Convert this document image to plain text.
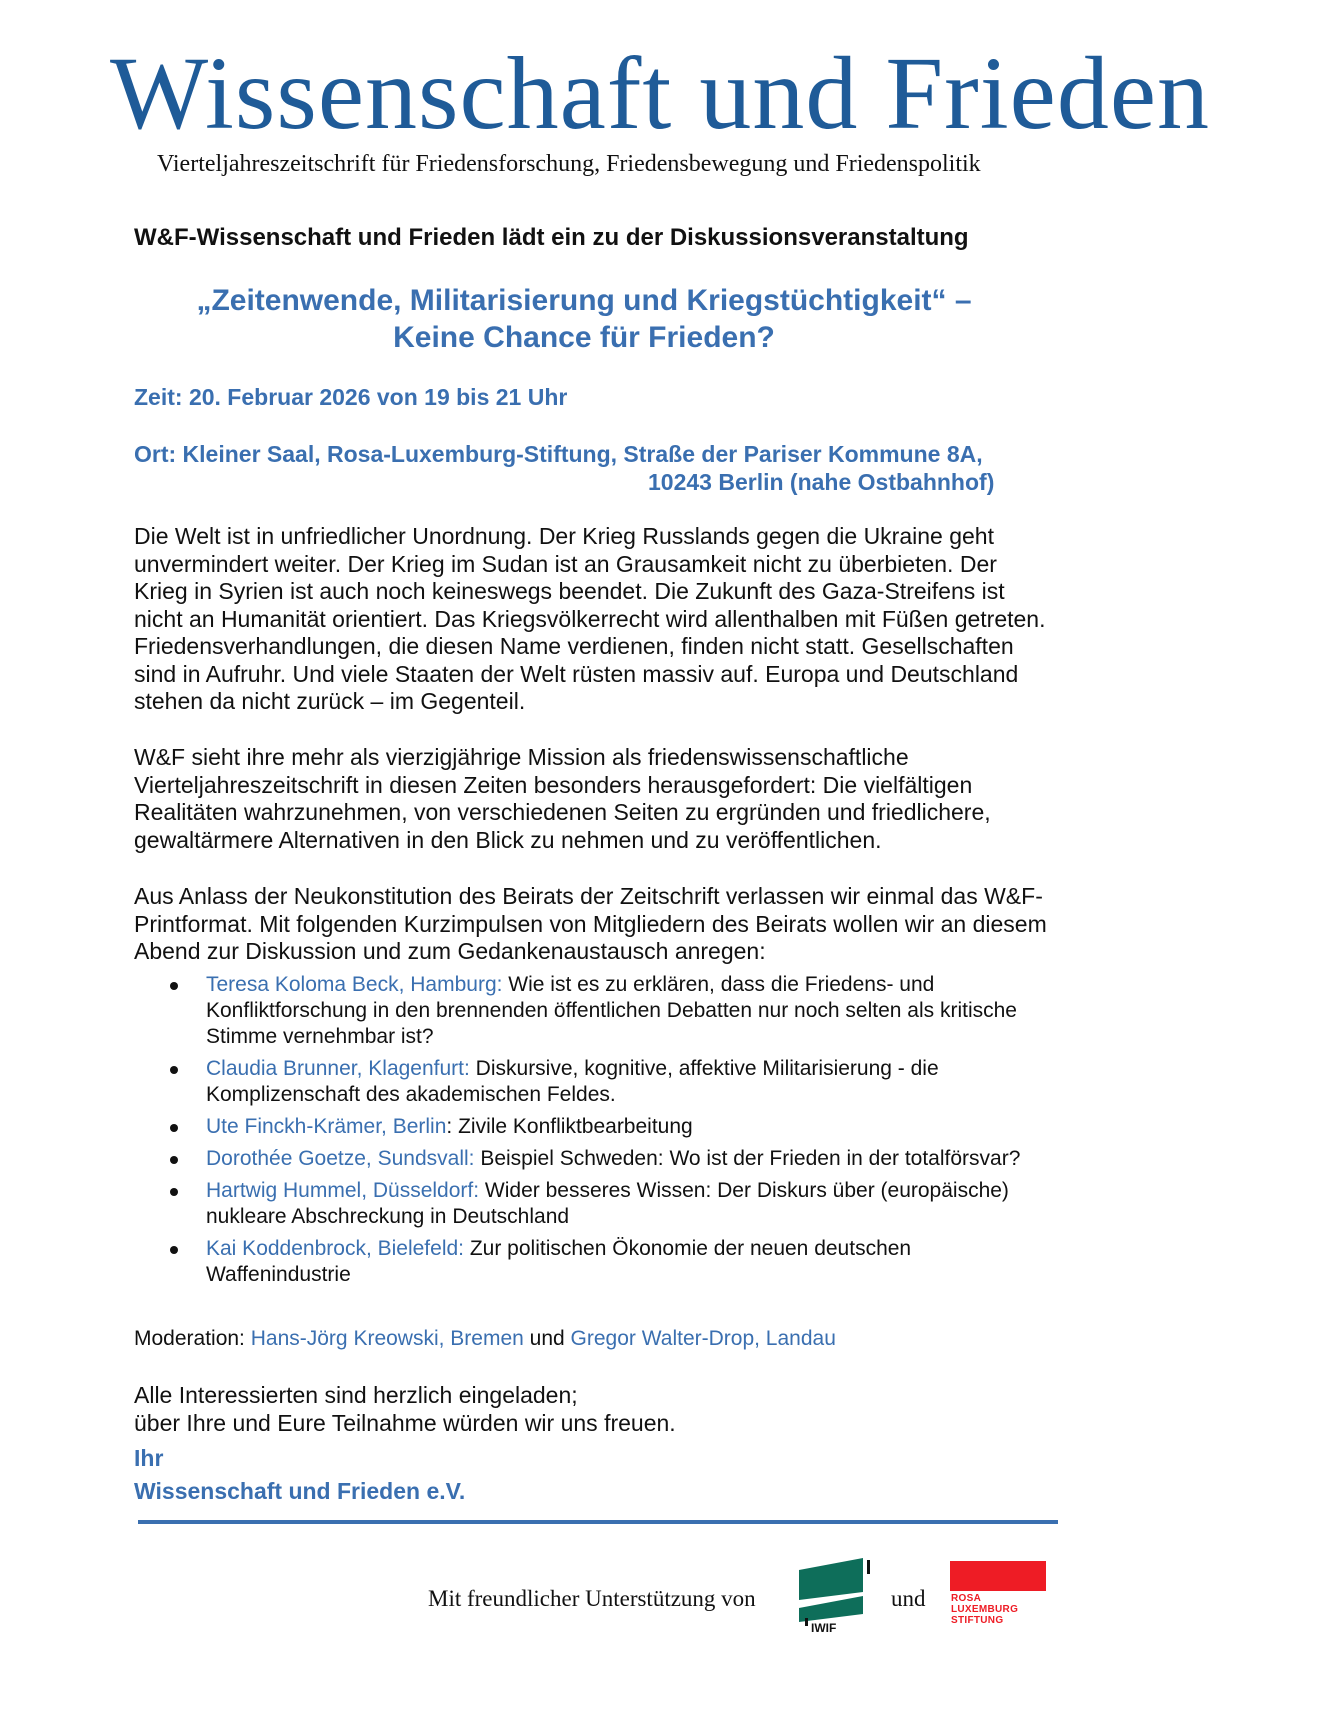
Wissenschaft und Frieden
Vierteljahreszeitschrift für Friedensforschung, Friedensbewegung und Friedenspolitik
W&F-Wissenschaft und Frieden lädt ein zu der Diskussionsveranstaltung
„Zeitenwende, Militarisierung und Kriegstüchtigkeit“ –
Keine Chance für Frieden?
Zeit: 20. Februar 2026 von 19 bis 21 Uhr
Ort: Kleiner Saal, Rosa-Luxemburg-Stiftung, Straße der Pariser Kommune 8A,
10243 Berlin (nahe Ostbahnhof)

Die Welt ist in unfriedlicher Unordnung. Der Krieg Russlands gegen die Ukraine geht unvermindert weiter. Der Krieg im Sudan ist an Grausamkeit nicht zu überbieten. Der Krieg in Syrien ist auch noch keineswegs beendet. Die Zukunft des Gaza-Streifens ist nicht an Humanität orientiert. Das Kriegsvölkerrecht wird allenthalben mit Füßen getreten. Friedensverhandlungen, die diesen Name verdienen, finden nicht statt. Gesellschaften sind in Aufruhr. Und viele Staaten der Welt rüsten massiv auf. Europa und Deutschland stehen da nicht zurück – im Gegenteil.

W&F sieht ihre mehr als vierzigjährige Mission als friedenswissenschaftliche Vierteljahreszeitschrift in diesen Zeiten besonders herausgefordert: Die vielfältigen Realitäten wahrzunehmen, von verschiedenen Seiten zu ergründen und friedlichere, gewaltärmere Alternativen in den Blick zu nehmen und zu veröffentlichen.

Aus Anlass der Neukonstitution des Beirats der Zeitschrift verlassen wir einmal das W&F- Printformat. Mit folgenden Kurzimpulsen von Mitgliedern des Beirats wollen wir an diesem Abend zur Diskussion und zum Gedankenaustausch anregen:

Teresa Koloma Beck, Hamburg: Wie ist es zu erklären, dass die Friedens- und Konfliktforschung in den brennenden öffentlichen Debatten nur noch selten als kritische Stimme vernehmbar ist?
Claudia Brunner, Klagenfurt: Diskursive, kognitive, affektive Militarisierung - die Komplizenschaft des akademischen Feldes.
Ute Finckh-Krämer, Berlin: Zivile Konfliktbearbeitung
Dorothée Goetze, Sundsvall: Beispiel Schweden: Wo ist der Frieden in der totalförsvar?
Hartwig Hummel, Düsseldorf: Wider besseres Wissen: Der Diskurs über (europäische) nukleare Abschreckung in Deutschland
Kai Koddenbrock, Bielefeld: Zur politischen Ökonomie der neuen deutschen Waffenindustrie
Moderation: Hans-Jörg Kreowski, Bremen und Gregor Walter-Drop, Landau
Alle Interessierten sind herzlich eingeladen;
über Ihre und Eure Teilnahme würden wir uns freuen.
Ihr
Wissenschaft und Frieden e.V.
Mit freundlicher Unterstützung von
IWIF
und	ROSA
LUXEMBURG
STIFTUNG
